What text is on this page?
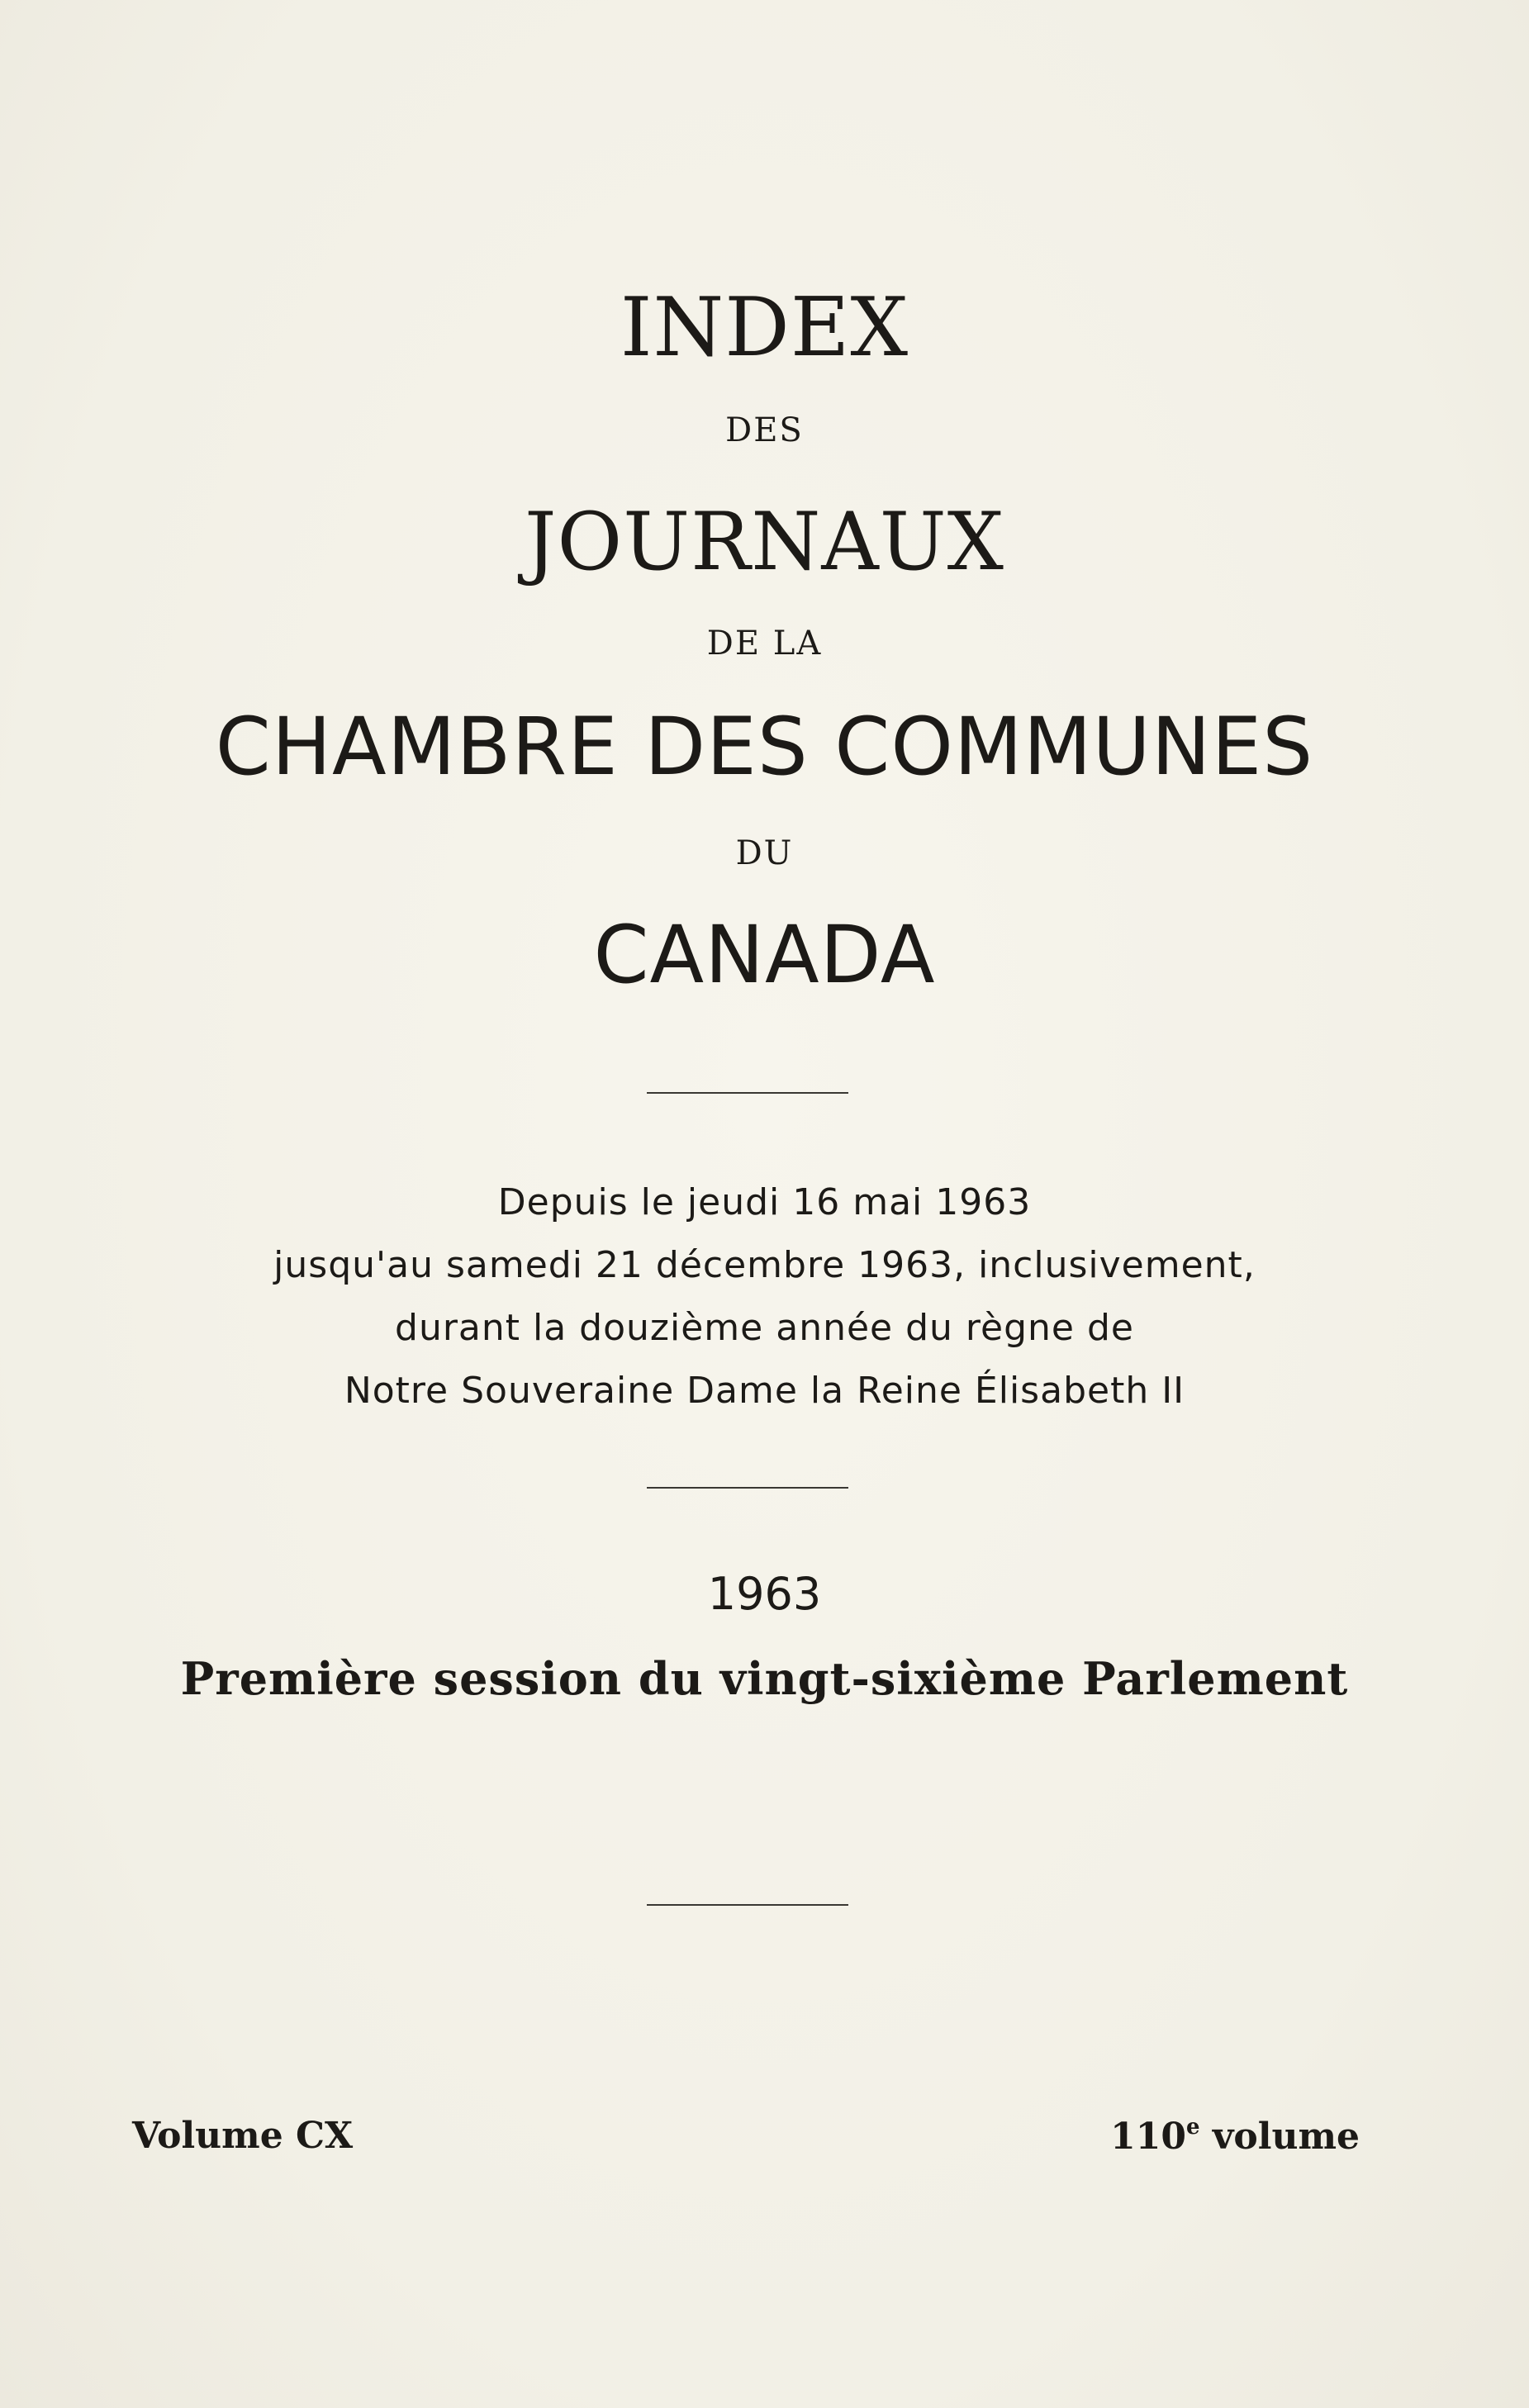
INDEX
DES
JOURNAUX
DE LA
CHAMBRE DES COMMUNES
DU
CANADA
Depuis le jeudi 16 mai 1963
jusqu'au samedi 21 décembre 1963, inclusivement,
durant la douzième année du règne de
Notre Souveraine Dame la Reine Élisabeth II
1963
Première session du vingt-sixième Parlement
Volume CX	110e volume
